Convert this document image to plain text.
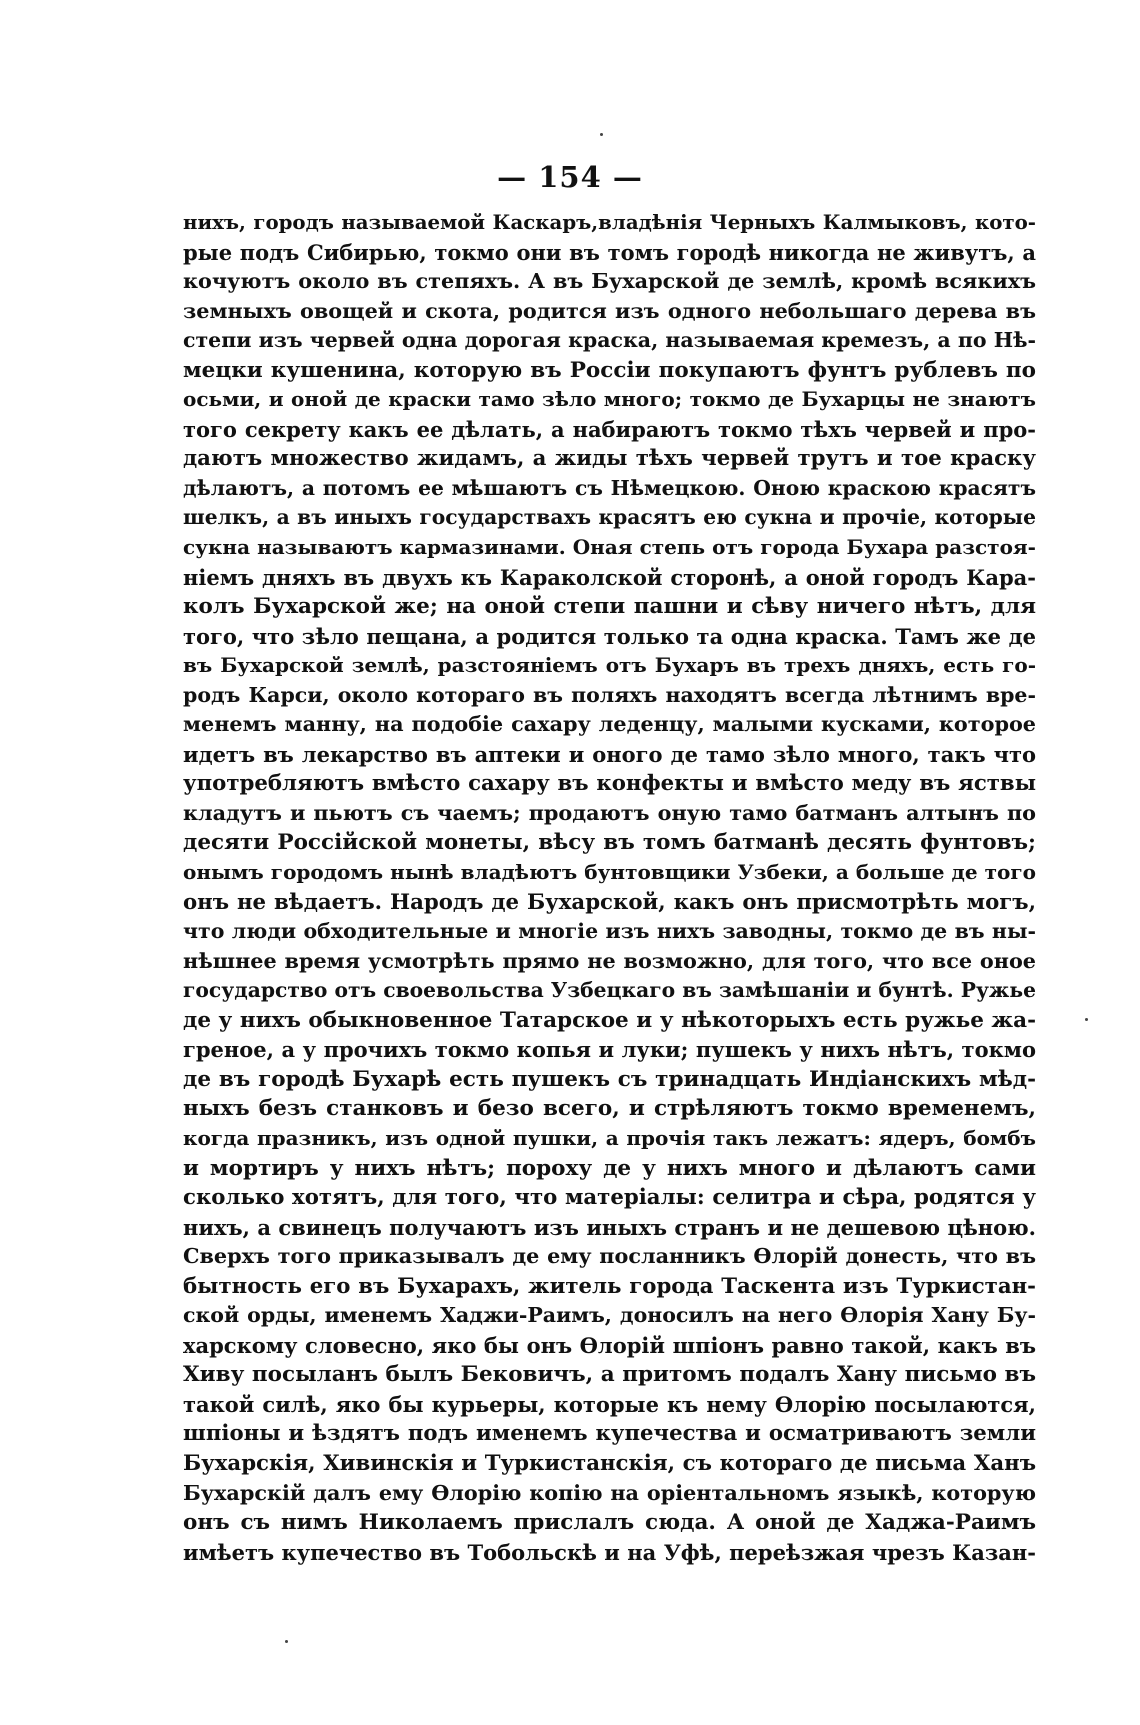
— 154 —
нихъ, городъ называемой Каскаръ,владѣнія Черныхъ Калмыковъ, кото-
рые подъ Сибирью, токмо они въ томъ городѣ никогда не живутъ, а
кочуютъ около въ степяхъ. А въ Бухарской де землѣ, кромѣ всякихъ
земныхъ овощей и скота, родится изъ одного небольшаго дерева въ
степи изъ червей одна дорогая краска, называемая кремезъ, а по Нѣ-
мецки кушенина, которую въ Россіи покупаютъ фунтъ рублевъ по
осьми, и оной де краски тамо зѣло много; токмо де Бухарцы не знаютъ
того секрету какъ ее дѣлать, а набираютъ токмо тѣхъ червей и про-
даютъ множество жидамъ, а жиды тѣхъ червей трутъ и тое краску
дѣлаютъ, а потомъ ее мѣшаютъ съ Нѣмецкою. Оною краскою красятъ
шелкъ, а въ иныхъ государствахъ красятъ ею сукна и прочіе, которые
сукна называютъ кармазинами. Оная степь отъ города Бухара разстоя-
ніемъ дняхъ въ двухъ къ Караколской сторонѣ, а оной городъ Кара-
колъ Бухарской же; на оной степи пашни и сѣву ничего нѣтъ, для
того, что зѣло пещана, а родится только та одна краска. Тамъ же де
въ Бухарской землѣ, разстояніемъ отъ Бухаръ въ трехъ дняхъ, есть го-
родъ Карси, около котораго въ поляхъ находятъ всегда лѣтнимъ вре-
менемъ манну, на подобіе сахару леденцу, малыми кусками, которое
идетъ въ лекарство въ аптеки и оного де тамо зѣло много, такъ что
употребляютъ вмѣсто сахару въ конфекты и вмѣсто меду въ яствы
кладутъ и пьютъ съ чаемъ; продаютъ оную тамо батманъ алтынъ по
десяти Россійской монеты, вѣсу въ томъ батманѣ десять фунтовъ;
онымъ городомъ нынѣ владѣютъ бунтовщики Узбеки, а больше де того
онъ не вѣдаетъ. Народъ де Бухарской, какъ онъ присмотрѣть могъ,
что люди обходительные и многіе изъ нихъ заводны, токмо де въ ны-
нѣшнее время усмотрѣть прямо не возможно, для того, что все оное
государство отъ своевольства Узбецкаго въ замѣшаніи и бунтѣ. Ружье
де у нихъ обыкновенное Татарское и у нѣкоторыхъ есть ружье жа-
греное, а у прочихъ токмо копья и луки; пушекъ у нихъ нѣтъ, токмо
де въ городѣ Бухарѣ есть пушекъ съ тринадцать Индіанскихъ мѣд-
ныхъ безъ станковъ и безо всего, и стрѣляютъ токмо временемъ,
когда празникъ, изъ одной пушки, а прочія такъ лежатъ: ядеръ, бомбъ
и мортиръ у нихъ нѣтъ; пороху де у нихъ много и дѣлаютъ сами
сколько хотятъ, для того, что матеріалы: селитра и сѣра, родятся у
нихъ, а свинецъ получаютъ изъ иныхъ странъ и не дешевою цѣною.
Сверхъ того приказывалъ де ему посланникъ Ѳлорій донесть, что въ
бытность его въ Бухарахъ, житель города Таскента изъ Туркистан-
ской орды, именемъ Хаджи-Раимъ, доносилъ на него Ѳлорія Хану Бу-
харскому словесно, яко бы онъ Ѳлорій шпіонъ равно такой, какъ въ
Хиву посыланъ былъ Бековичъ, а притомъ подалъ Хану письмо въ
такой силѣ, яко бы курьеры, которые къ нему Ѳлорію посылаются,
шпіоны и ѣздятъ подъ именемъ купечества и осматриваютъ земли
Бухарскія, Хивинскія и Туркистанскія, съ котораго де письма Ханъ
Бухарскій далъ ему Ѳлорію копію на оріентальномъ языкѣ, которую
онъ съ нимъ Николаемъ прислалъ сюда. А оной де Хаджа-Раимъ
имѣетъ купечество въ Тобольскѣ и на Уфѣ, переѣзжая чрезъ Казан-
